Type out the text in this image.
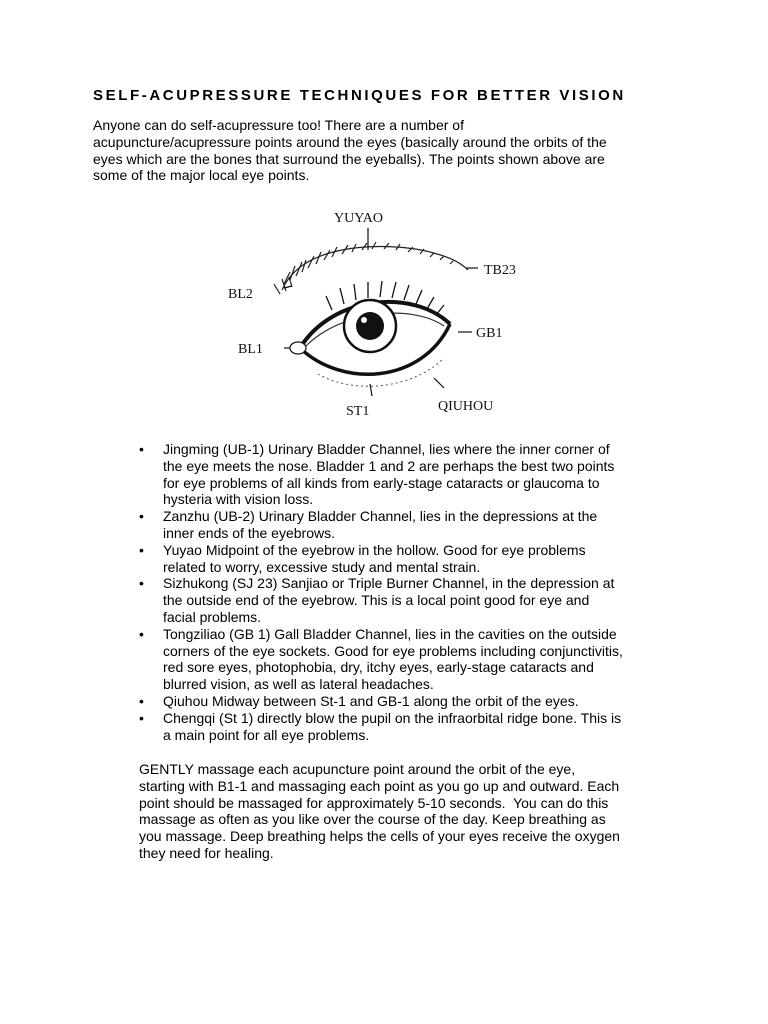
SELF-ACUPRESSURE TECHNIQUES FOR BETTER VISION
Anyone can do self-acupressure too! There are a number of
acupuncture/acupressure points around the eyes (basically around the orbits of the
eyes which are the bones that surround the eyeballs). The points shown above are
some of the major local eye points.
YUYAO
TB23
BL2
GB1
BL1
ST1	QIUHOU
• Jingming (UB-1) Urinary Bladder Channel, lies where the inner corner of
the eye meets the nose. Bladder 1 and 2 are perhaps the best two points
for eye problems of all kinds from early-stage cataracts or glaucoma to
hysteria with vision loss.
• Zanzhu (UB-2) Urinary Bladder Channel, lies in the depressions at the
inner ends of the eyebrows.
• Yuyao Midpoint of the eyebrow in the hollow. Good for eye problems
related to worry, excessive study and mental strain.
• Sizhukong (SJ 23) Sanjiao or Triple Burner Channel, in the depression at
the outside end of the eyebrow. This is a local point good for eye and
facial problems.
• Tongziliao (GB 1) Gall Bladder Channel, lies in the cavities on the outside
corners of the eye sockets. Good for eye problems including conjunctivitis,
red sore eyes, photophobia, dry, itchy eyes, early-stage cataracts and
blurred vision, as well as lateral headaches.
• Qiuhou Midway between St-1 and GB-1 along the orbit of the eyes.
• Chengqi (St 1) directly blow the pupil on the infraorbital ridge bone. This is
a main point for all eye problems.
GENTLY massage each acupuncture point around the orbit of the eye,
starting with B1-1 and massaging each point as you go up and outward. Each
point should be massaged for approximately 5-10 seconds.  You can do this
massage as often as you like over the course of the day. Keep breathing as
you massage. Deep breathing helps the cells of your eyes receive the oxygen
they need for healing.
